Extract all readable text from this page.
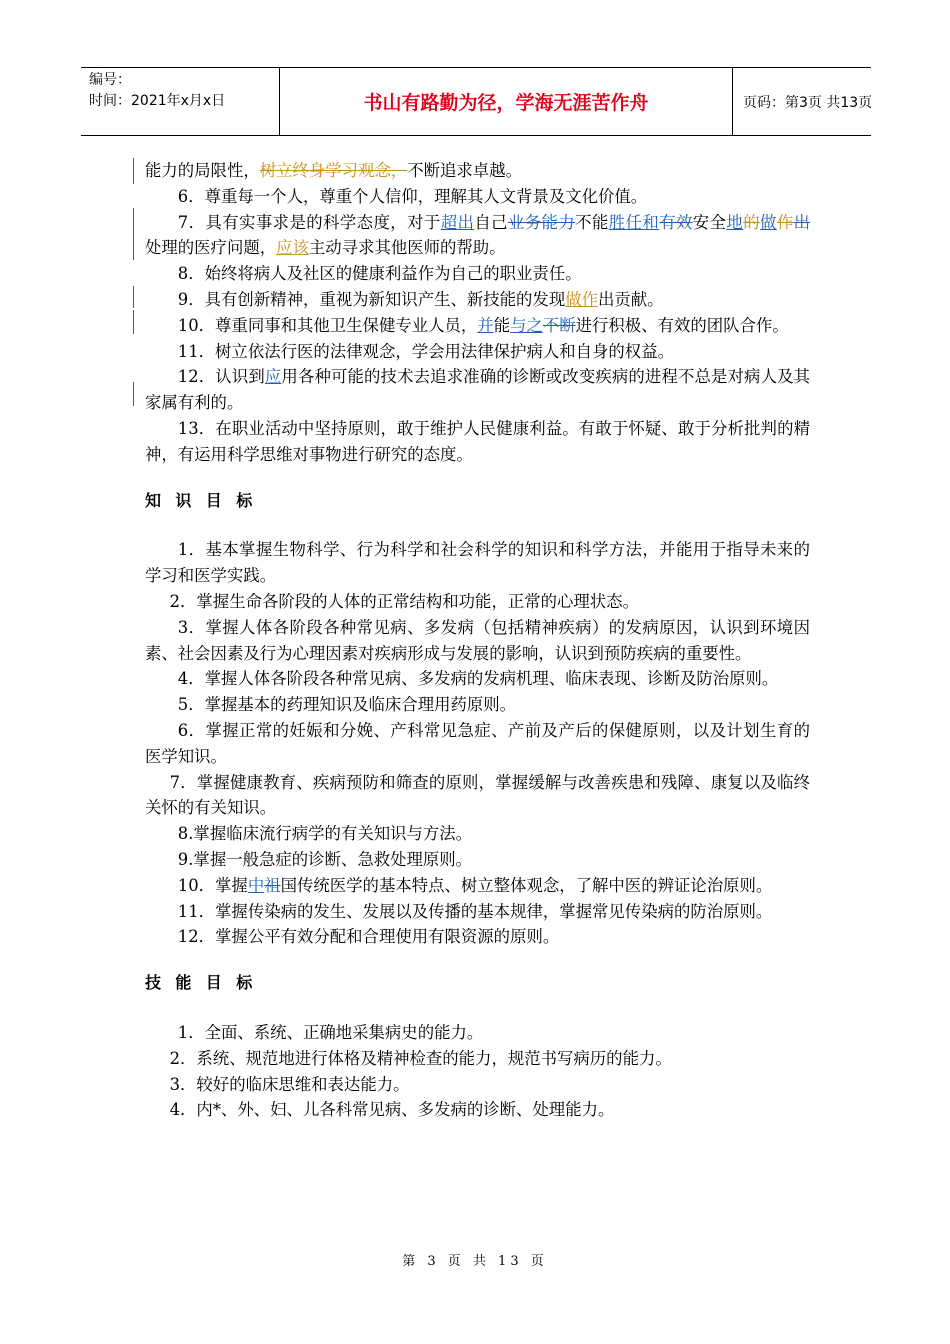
编号：
时间：2021年x月x日	书山有路勤为径，学海无涯苦作舟	页码：第3页 共13页

能力的局限性，树立终身学习观念，不断追求卓越。

6．尊重每一个人，尊重个人信仰，理解其人文背景及文化价值。

7．具有实事求是的科学态度，对于超出自己业务能力不能胜任和有效安全地的做作出处理的医疗问题，应该主动寻求其他医师的帮助。

8．始终将病人及社区的健康利益作为自己的职业责任。

9．具有创新精神，重视为新知识产生、新技能的发现做作出贡献。

10．尊重同事和其他卫生保健专业人员，并能与之不断进行积极、有效的团队合作。

11．树立依法行医的法律观念，学会用法律保护病人和自身的权益。

12．认识到应用各种可能的技术去追求准确的诊断或改变疾病的进程不总是对病人及其家属有利的。

13．在职业活动中坚持原则，敢于维护人民健康利益。有敢于怀疑、敢于分析批判的精神，有运用科学思维对事物进行研究的态度。

知识目标

1．基本掌握生物科学、行为科学和社会科学的知识和科学方法，并能用于指导未来的学习和医学实践。

2．掌握生命各阶段的人体的正常结构和功能，正常的心理状态。

3．掌握人体各阶段各种常见病、多发病（包括精神疾病）的发病原因，认识到环境因素、社会因素及行为心理因素对疾病形成与发展的影响，认识到预防疾病的重要性。

4．掌握人体各阶段各种常见病、多发病的发病机理、临床表现、诊断及防治原则。

5．掌握基本的药理知识及临床合理用药原则。

6．掌握正常的妊娠和分娩、产科常见急症、产前及产后的保健原则，以及计划生育的医学知识。

7．掌握健康教育、疾病预防和筛查的原则，掌握缓解与改善疾患和残障、康复以及临终关怀的有关知识。

8.掌握临床流行病学的有关知识与方法。

9.掌握一般急症的诊断、急救处理原则。

10．掌握中祖国传统医学的基本特点、树立整体观念，了解中医的辨证论治原则。

11．掌握传染病的发生、发展以及传播的基本规律，掌握常见传染病的防治原则。

12．掌握公平有效分配和合理使用有限资源的原则。

技能目标

1．全面、系统、正确地采集病史的能力。

2．系统、规范地进行体格及精神检查的能力，规范书写病历的能力。

3．较好的临床思维和表达能力。

4．内*、外、妇、儿各科常见病、多发病的诊断、处理能力。

第 3 页 共 13 页
